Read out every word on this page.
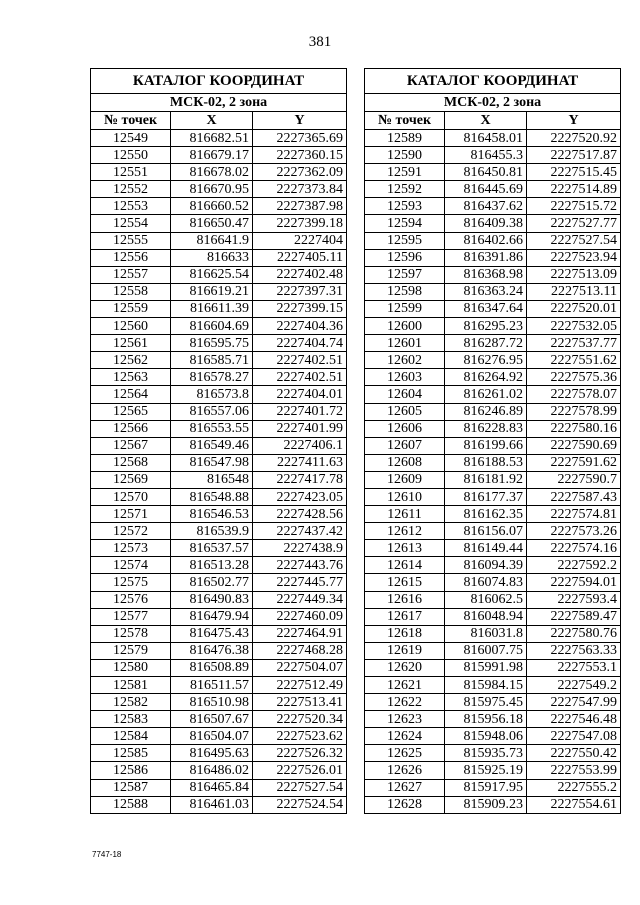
381
КАТАЛОГ КООРДИНАТ		
МСК-02, 2 зона		
№ точек	X	Y
12549	816682.51	2227365.69
12550	816679.17	2227360.15
12551	816678.02	2227362.09
12552	816670.95	2227373.84
12553	816660.52	2227387.98
12554	816650.47	2227399.18
12555	816641.9	2227404
12556	816633	2227405.11
12557	816625.54	2227402.48
12558	816619.21	2227397.31
12559	816611.39	2227399.15
12560	816604.69	2227404.36
12561	816595.75	2227404.74
12562	816585.71	2227402.51
12563	816578.27	2227402.51
12564	816573.8	2227404.01
12565	816557.06	2227401.72
12566	816553.55	2227401.99
12567	816549.46	2227406.1
12568	816547.98	2227411.63
12569	816548	2227417.78
12570	816548.88	2227423.05
12571	816546.53	2227428.56
12572	816539.9	2227437.42
12573	816537.57	2227438.9
12574	816513.28	2227443.76
12575	816502.77	2227445.77
12576	816490.83	2227449.34
12577	816479.94	2227460.09
12578	816475.43	2227464.91
12579	816476.38	2227468.28
12580	816508.89	2227504.07
12581	816511.57	2227512.49
12582	816510.98	2227513.41
12583	816507.67	2227520.34
12584	816504.07	2227523.62
12585	816495.63	2227526.32
12586	816486.02	2227526.01
12587	816465.84	2227527.54
12588	816461.03	2227524.54
КАТАЛОГ КООРДИНАТ		
МСК-02, 2 зона		
№ точек	X	Y
12589	816458.01	2227520.92
12590	816455.3	2227517.87
12591	816450.81	2227515.45
12592	816445.69	2227514.89
12593	816437.62	2227515.72
12594	816409.38	2227527.77
12595	816402.66	2227527.54
12596	816391.86	2227523.94
12597	816368.98	2227513.09
12598	816363.24	2227513.11
12599	816347.64	2227520.01
12600	816295.23	2227532.05
12601	816287.72	2227537.77
12602	816276.95	2227551.62
12603	816264.92	2227575.36
12604	816261.02	2227578.07
12605	816246.89	2227578.99
12606	816228.83	2227580.16
12607	816199.66	2227590.69
12608	816188.53	2227591.62
12609	816181.92	2227590.7
12610	816177.37	2227587.43
12611	816162.35	2227574.81
12612	816156.07	2227573.26
12613	816149.44	2227574.16
12614	816094.39	2227592.2
12615	816074.83	2227594.01
12616	816062.5	2227593.4
12617	816048.94	2227589.47
12618	816031.8	2227580.76
12619	816007.75	2227563.33
12620	815991.98	2227553.1
12621	815984.15	2227549.2
12622	815975.45	2227547.99
12623	815956.18	2227546.48
12624	815948.06	2227547.08
12625	815935.73	2227550.42
12626	815925.19	2227553.99
12627	815917.95	2227555.2
12628	815909.23	2227554.61
7747-18
